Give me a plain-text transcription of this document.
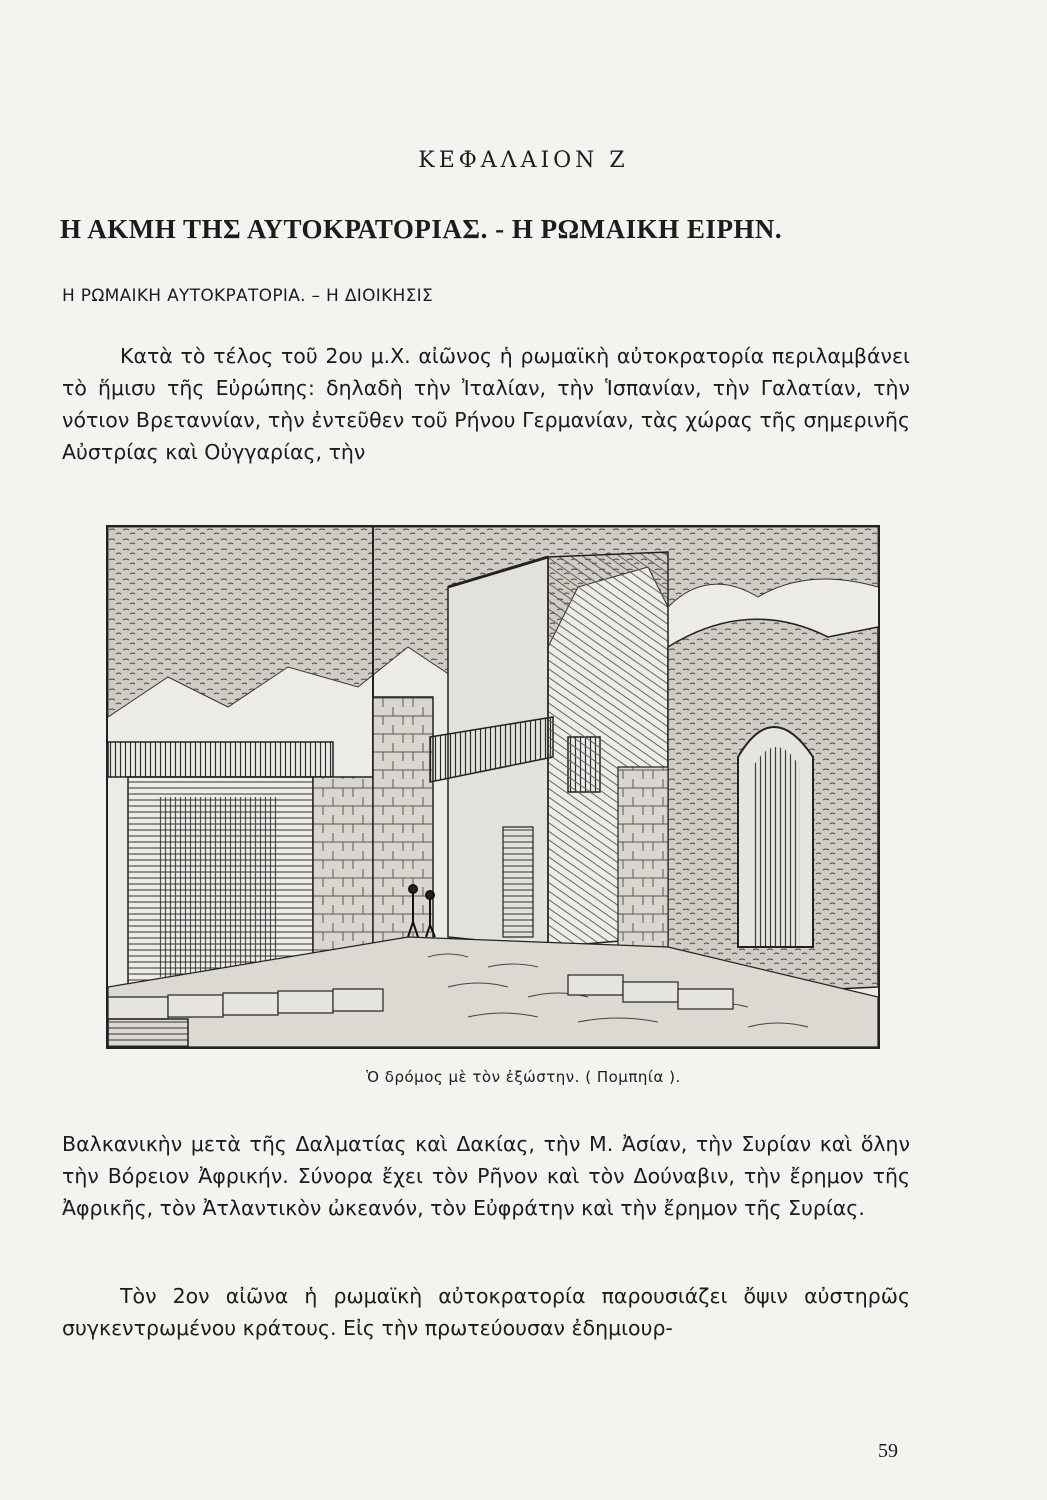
ΚΕΦΑΛΑΙΟΝ Ζ
Η ΑΚΜΗ ΤΗΣ ΑΥΤΟΚΡΑΤΟΡΙΑΣ. - Η ΡΩΜΑΙΚΗ ΕΙΡΗΝ.
Η ΡΩΜΑΙΚΗ ΑΥΤΟΚΡΑΤΟΡΙΑ. – Η ΔΙΟΙΚΗΣΙΣ
Κατὰ τὸ τέλος τοῦ 2ου μ.Χ. αἰῶνος ἡ ρωμαϊκὴ αὐτοκρατορία περιλαμβάνει τὸ ἥμισυ τῆς Εὐρώπης: δηλαδὴ τὴν Ἰταλίαν, τὴν Ἱσπανίαν, τὴν Γαλατίαν, τὴν νότιον Βρεταννίαν, τὴν ἐντεῦθεν τοῦ Ρήνου Γερμανίαν, τὰς χώρας τῆς σημερινῆς Αὐστρίας καὶ Οὐγγαρίας, τὴν
Ὁ δρόμος μὲ τὸν ἐξώστην. ( Πομπηία ).
Βαλκανικὴν μετὰ τῆς Δαλματίας καὶ Δακίας, τὴν Μ. Ἀσίαν, τὴν Συρίαν καὶ ὅλην τὴν Βόρειον Ἀφρικήν. Σύνορα ἔχει τὸν Ρῆνον καὶ τὸν Δούναβιν, τὴν ἔρημον τῆς Ἀφρικῆς, τὸν Ἀτλαντικὸν ὠκεανόν, τὸν Εὐφράτην καὶ τὴν ἔρημον τῆς Συρίας.
Τὸν 2ον αἰῶνα ἡ ρωμαϊκὴ αὐτοκρατορία παρουσιάζει ὄψιν αὐστηρῶς συγκεντρωμένου κράτους. Εἰς τὴν πρωτεύουσαν ἐδημιουρ-
59
